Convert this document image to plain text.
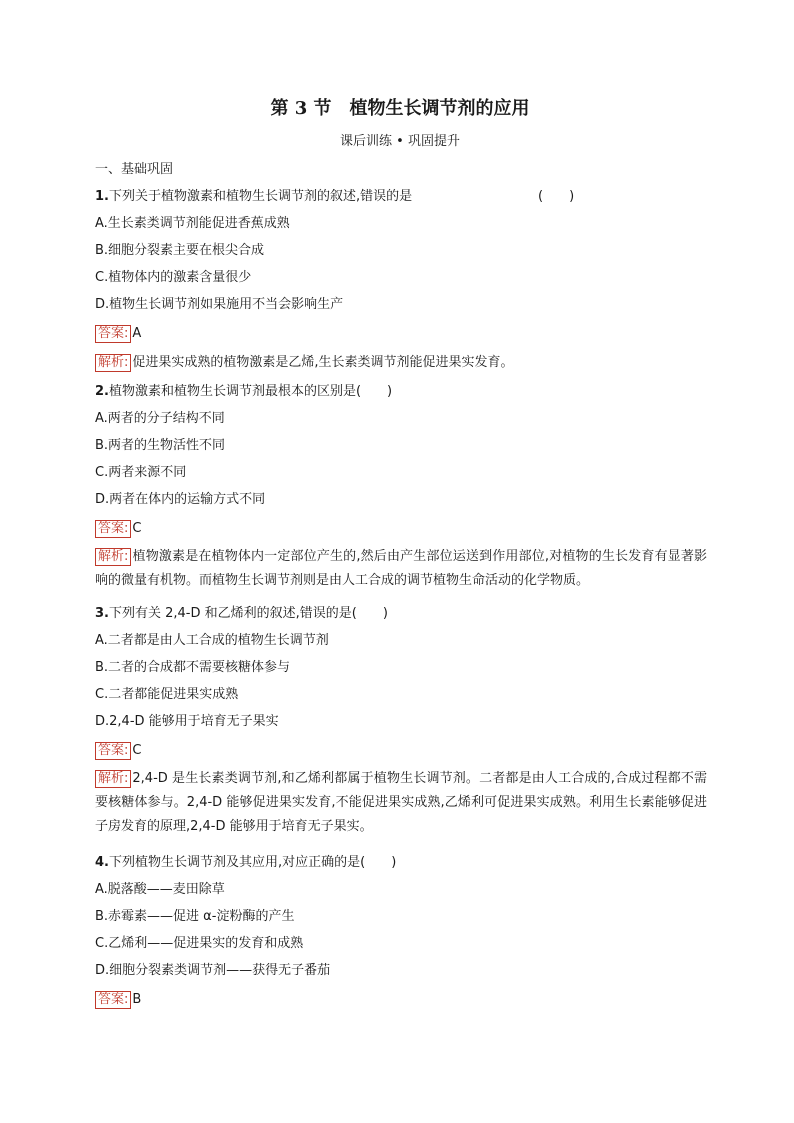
第 3 节　植物生长调节剂的应用
课后训练 • 巩固提升
一、基础巩固
1.下列关于植物激素和植物生长调节剂的叙述,错误的是	(　　)
A.生长素类调节剂能促进香蕉成熟
B.细胞分裂素主要在根尖合成
C.植物体内的激素含量很少
D.植物生长调节剂如果施用不当会影响生产
答案: A
解析: 促进果实成熟的植物激素是乙烯,生长素类调节剂能促进果实发育。
2.植物激素和植物生长调节剂最根本的区别是(　　)
A.两者的分子结构不同
B.两者的生物活性不同
C.两者来源不同
D.两者在体内的运输方式不同
答案: C
解析: 植物激素是在植物体内一定部位产生的,然后由产生部位运送到作用部位,对植物的生长发育有显著影响的微量有机物。而植物生长调节剂则是由人工合成的调节植物生命活动的化学物质。
3.下列有关 2,4-D 和乙烯利的叙述,错误的是(　　)
A.二者都是由人工合成的植物生长调节剂
B.二者的合成都不需要核糖体参与
C.二者都能促进果实成熟
D.2,4-D 能够用于培育无子果实
答案: C
解析: 2,4-D 是生长素类调节剂,和乙烯利都属于植物生长调节剂。二者都是由人工合成的,合成过程都不需要核糖体参与。2,4-D 能够促进果实发育,不能促进果实成熟,乙烯利可促进果实成熟。利用生长素能够促进子房发育的原理,2,4-D 能够用于培育无子果实。
4.下列植物生长调节剂及其应用,对应正确的是(　　)
A.脱落酸——麦田除草
B.赤霉素——促进 α-淀粉酶的产生
C.乙烯利——促进果实的发育和成熟
D.细胞分裂素类调节剂——获得无子番茄
答案: B
